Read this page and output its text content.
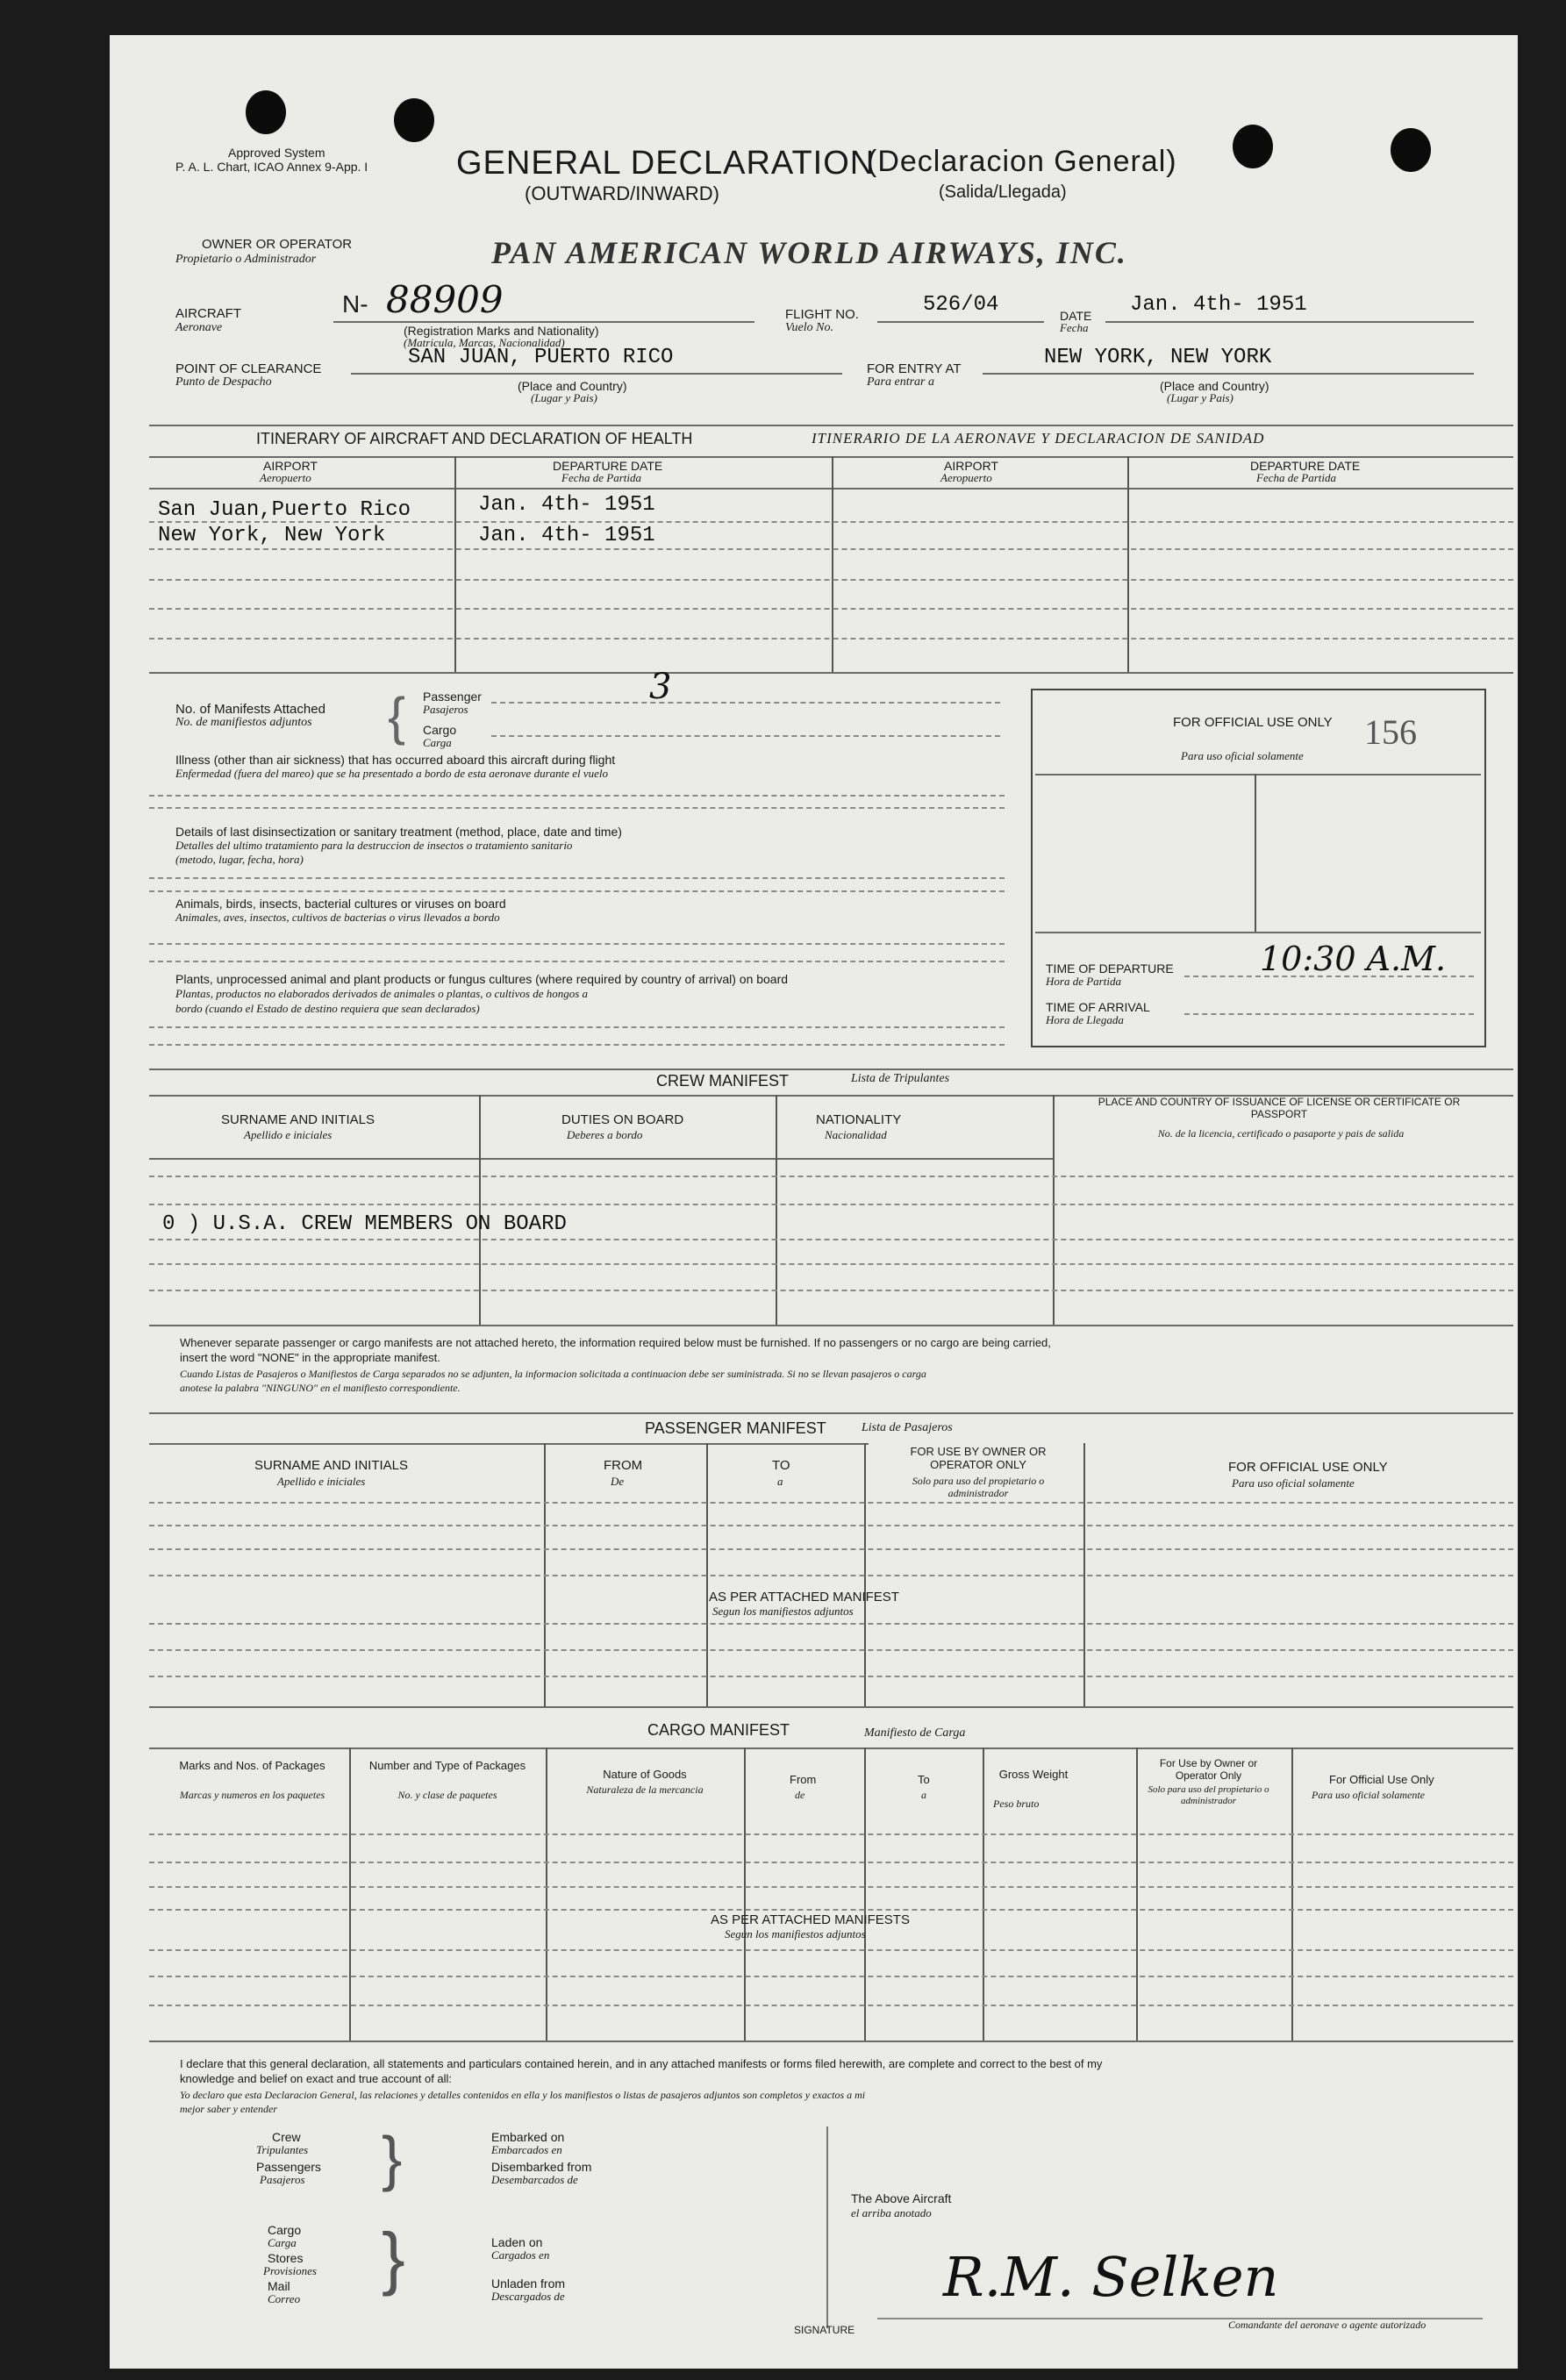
Approved System
P. A. L. Chart, ICAO Annex 9-App. I	GENERAL DECLARATION
(Declaracion General)
(OUTWARD/INWARD)	(Salida/Llegada)
OWNER OR OPERATOR
Propietario o Administrador	PAN AMERICAN WORLD AIRWAYS, INC.
AIRCRAFT
Aeronave
N- 88909
(Registration Marks and Nationality)
(Matricula, Marcas, Nacionalidad)
FLIGHT NO.
Vuelo No.
526/04	DATE
Fecha
Jan. 4th- 1951
POINT OF CLEARANCE
Punto de Despacho
SAN JUAN, PUERTO RICO
(Place and Country)
(Lugar y Pais)
FOR ENTRY AT
Para entrar a
NEW YORK, NEW YORK
(Place and Country)
(Lugar y Pais)
ITINERARY OF AIRCRAFT AND DECLARATION OF HEALTH	ITINERARIO DE LA AERONAVE Y DECLARACION DE SANIDAD
AIRPORT
Aeropuerto
DEPARTURE DATE
Fecha de Partida
AIRPORT
Aeropuerto
DEPARTURE DATE
Fecha de Partida
San Juan,Puerto Rico	Jan. 4th- 1951
New York, New York	Jan. 4th- 1951
No. of Manifests Attached
No. de manifiestos adjuntos { Passenger
Pasajeros
Cargo
Carga
3
Illness (other than air sickness) that has occurred aboard this aircraft during flight
Enfermedad (fuera del mareo) que se ha presentado a bordo de esta aeronave durante el vuelo
Details of last disinsectization or sanitary treatment (method, place, date and time)
Detalles del ultimo tratamiento para la destruccion de insectos o tratamiento sanitario
(metodo, lugar, fecha, hora)
Animals, birds, insects, bacterial cultures or viruses on board
Animales, aves, insectos, cultivos de bacterias o virus llevados a bordo
Plants, unprocessed animal and plant products or fungus cultures (where required by country of arrival) on board
Plantas, productos no elaborados derivados de animales o plantas, o cultivos de hongos a
bordo (cuando el Estado de destino requiera que sean declarados)
FOR OFFICIAL USE ONLY
Para uso oficial solamente
156
TIME OF DEPARTURE
Hora de Partida
10:30 A.M.
TIME OF ARRIVAL
Hora de Llegada
CREW MANIFEST	Lista de Tripulantes
SURNAME AND INITIALS
Apellido e iniciales
DUTIES ON BOARD
Deberes a bordo
NATIONALITY
Nacionalidad
PLACE AND COUNTRY OF ISSUANCE OF LICENSE OR CERTIFICATE OR PASSPORT
No. de la licencia, certificado o pasaporte y pais de salida
0 ) U.S.A. CREW MEMBERS ON BOARD
Whenever separate passenger or cargo manifests are not attached hereto, the information required below must be furnished. If no passengers or no cargo are being carried,
insert the word "NONE" in the appropriate manifest.
Cuando Listas de Pasajeros o Manifiestos de Carga separados no se adjunten, la informacion solicitada a continuacion debe ser suministrada. Si no se llevan pasajeros o carga
anotese la palabra "NINGUNO" en el manifiesto correspondiente.
PASSENGER MANIFEST	Lista de Pasajeros
SURNAME AND INITIALS
Apellido e iniciales
FROM
De
TO
a
FOR USE BY OWNER OR OPERATOR ONLY
Solo para uso del propietario o administrador
FOR OFFICIAL USE ONLY
Para uso oficial solamente
AS PER ATTACHED MANIFEST
Segun los manifiestos adjuntos
CARGO MANIFEST	Manifiesto de Carga
Marks and Nos. of Packages
Marcas y numeros en los paquetes
Number and Type of Packages
No. y clase de paquetes
Nature of Goods
Naturaleza de la mercancia
From
de
To
a
Gross Weight
Peso bruto
For Use by Owner or Operator Only
Solo para uso del propietario o administrador
For Official Use Only
Para uso oficial solamente
AS PER ATTACHED MANIFESTS
Segun los manifiestos adjuntos
I declare that this general declaration, all statements and particulars contained herein, and in any attached manifests or forms filed herewith, are complete and correct to the best of my
knowledge and belief on exact and true account of all:
Yo declaro que esta Declaracion General, las relaciones y detalles contenidos en ella y los manifiestos o listas de pasajeros adjuntos son completos y exactos a mi
mejor saber y entender
Crew
Tripulantes
Passengers
Pasajeros }	Embarked on
Embarcados en
Disembarked from
Desembarcados de
Cargo
Carga
Stores
Provisiones
Mail
Correo
}	Laden on
Cargados en
Unladen from
Descargados de
The Above Aircraft
el arriba anotado
R.M. Selken
SIGNATURE	Comandante del aeronave o agente autorizado
